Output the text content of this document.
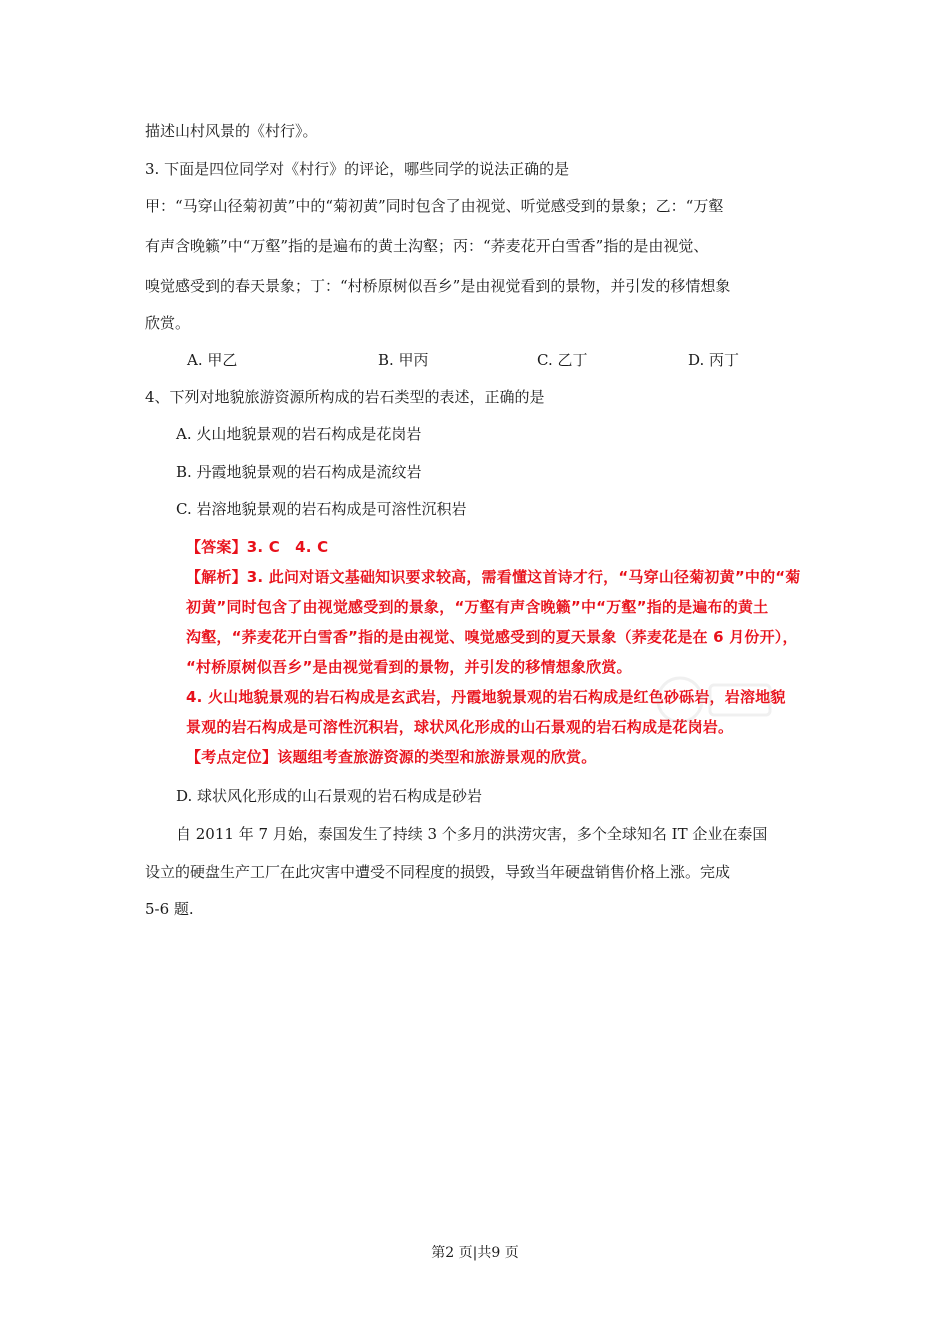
描述山村风景的《村行》。
3. 下面是四位同学对《村行》的评论，哪些同学的说法正确的是
甲：“马穿山径菊初黄”中的“菊初黄”同时包含了由视觉、听觉感受到的景象；乙：“万壑
有声含晚籁”中“万壑”指的是遍布的黄土沟壑；丙：“荞麦花开白雪香”指的是由视觉、
嗅觉感受到的春天景象；丁：“村桥原树似吾乡”是由视觉看到的景物，并引发的移情想象
欣赏。
A. 甲乙	B. 甲丙	C. 乙丁	D. 丙丁
4、下列对地貌旅游资源所构成的岩石类型的表述，正确的是
A. 火山地貌景观的岩石构成是花岗岩
B. 丹霞地貌景观的岩石构成是流纹岩
C. 岩溶地貌景观的岩石构成是可溶性沉积岩
【答案】3. C　4. C
【解析】3. 此问对语文基础知识要求较高，需看懂这首诗才行，“马穿山径菊初黄”中的“菊
初黄”同时包含了由视觉感受到的景象，“万壑有声含晚籁”中“万壑”指的是遍布的黄土
沟壑，“荞麦花开白雪香”指的是由视觉、嗅觉感受到的夏天景象（荞麦花是在 6 月份开），
“村桥原树似吾乡”是由视觉看到的景物，并引发的移情想象欣赏。
4. 火山地貌景观的岩石构成是玄武岩，丹霞地貌景观的岩石构成是红色砂砾岩，岩溶地貌
景观的岩石构成是可溶性沉积岩，球状风化形成的山石景观的岩石构成是花岗岩。
【考点定位】该题组考查旅游资源的类型和旅游景观的欣赏。
D. 球状风化形成的山石景观的岩石构成是砂岩
自 2011 年 7 月始，泰国发生了持续 3 个多月的洪涝灾害，多个全球知名 IT 企业在泰国
设立的硬盘生产工厂在此灾害中遭受不同程度的损毁，导致当年硬盘销售价格上涨。完成
5-6 题.
第2 页|共9 页
